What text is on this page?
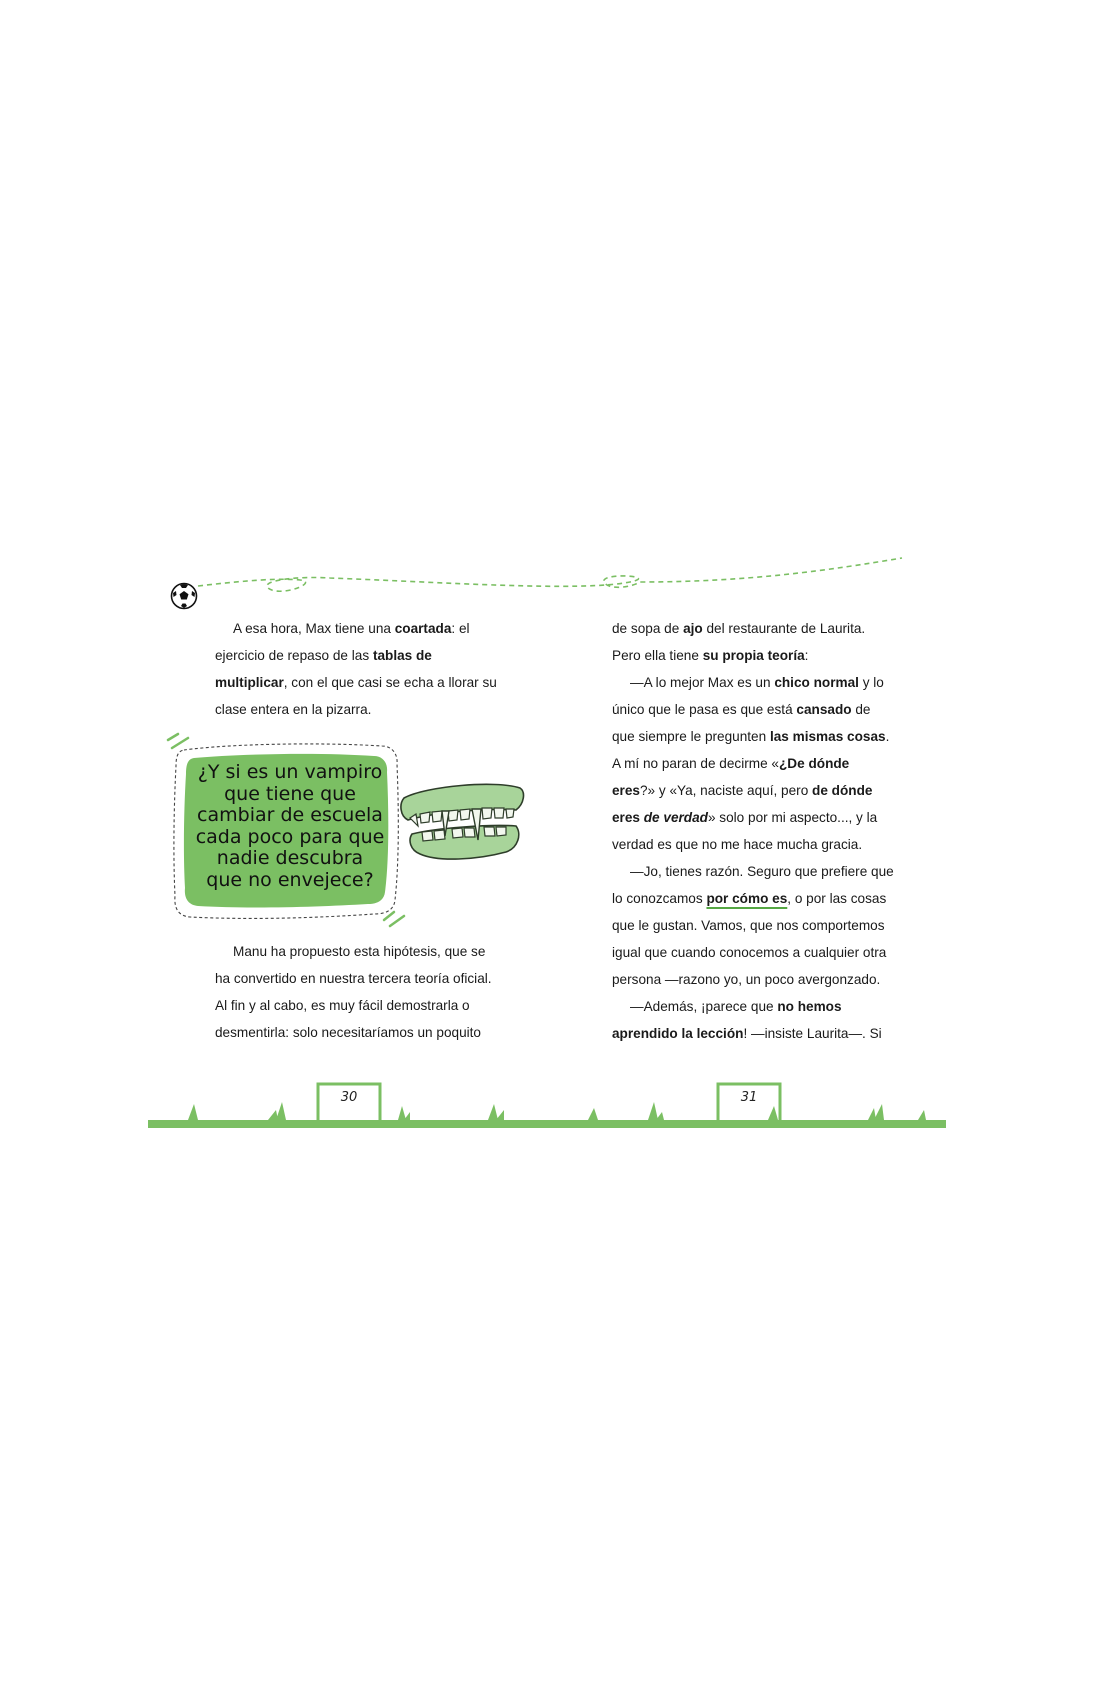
A esa hora, Max tiene una coartada: el
ejercicio de repaso de las tablas de
multiplicar, con el que casi se echa a llorar su
clase entera en la pizarra.
¿Y si es un vampiro
que tiene que
cambiar de escuela
cada poco para que
nadie descubra
que no envejece?
Manu ha propuesto esta hipótesis, que se
ha convertido en nuestra tercera teoría oficial.
Al fin y al cabo, es muy fácil demostrarla o
desmentirla: solo necesitaríamos un poquito
de sopa de ajo del restaurante de Laurita.
Pero ella tiene su propia teoría:
—A lo mejor Max es un chico normal y lo
único que le pasa es que está cansado de
que siempre le pregunten las mismas cosas.
A mí no paran de decirme «¿De dónde
eres?» y «Ya, naciste aquí, pero de dónde
eres de verdad» solo por mi aspecto..., y la
verdad es que no me hace mucha gracia.
—Jo, tienes razón. Seguro que prefiere que
lo conozcamos por cómo es, o por las cosas
que le gustan. Vamos, que nos comportemos
igual que cuando conocemos a cualquier otra
persona —razono yo, un poco avergonzado.
—Además, ¡parece que no hemos
aprendido la lección! —insiste Laurita—. Si
30	31
